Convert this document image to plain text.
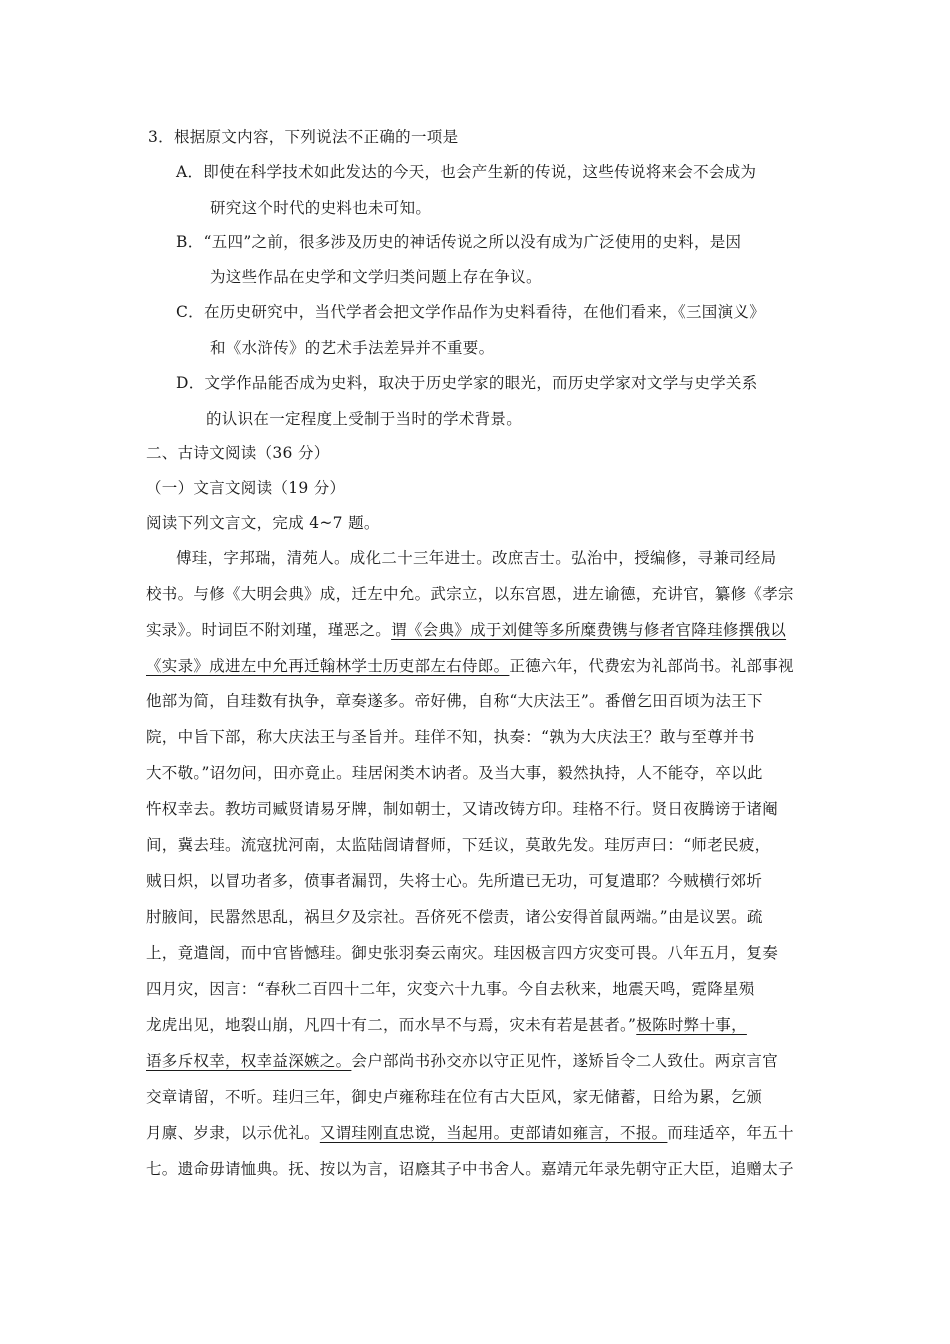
3．根据原文内容，下列说法不正确的一项是
A．即使在科学技术如此发达的今天，也会产生新的传说，这些传说将来会不会成为
研究这个时代的史料也未可知。
B．“五四”之前，很多涉及历史的神话传说之所以没有成为广泛使用的史料，是因
为这些作品在史学和文学归类问题上存在争议。
C．在历史研究中，当代学者会把文学作品作为史料看待，在他们看来，《三国演义》
和《水浒传》的艺术手法差异并不重要。
D．文学作品能否成为史料，取决于历史学家的眼光，而历史学家对文学与史学关系
的认识在一定程度上受制于当时的学术背景。
二、古诗文阅读（36 分）
（一）文言文阅读（19 分）
阅读下列文言文，完成 4~7 题。
傅珪，字邦瑞，清苑人。成化二十三年进士。改庶吉士。弘治中，授编修，寻兼司经局
校书。与修《大明会典》成，迁左中允。武宗立，以东宫恩，进左谕德，充讲官，纂修《孝宗
实录》。时词臣不附刘瑾，瑾恶之。谓《会典》成于刘健等多所糜费镌与修者官降珪修撰俄以
《实录》成进左中允再迁翰林学士历吏部左右侍郎。正德六年，代费宏为礼部尚书。礼部事视
他部为简，自珪数有执争，章奏遂多。帝好佛，自称“大庆法王”。番僧乞田百顷为法王下
院，中旨下部，称大庆法王与圣旨并。珪佯不知，执奏：“孰为大庆法王？敢与至尊并书
大不敬。”诏勿问，田亦竟止。珪居闲类木讷者。及当大事，毅然执持，人不能夺，卒以此
忤权幸去。教坊司臧贤请易牙牌，制如朝士，又请改铸方印。珪格不行。贤日夜腾谤于诸阉
间，冀去珪。流寇扰河南，太监陆訚请督师，下廷议，莫敢先发。珪厉声曰：“师老民疲，
贼日炽，以冒功者多，偾事者漏罚，失将士心。先所遣已无功，可复遣耶？今贼横行郊圻
肘腋间，民嚣然思乱，祸旦夕及宗社。吾侪死不偿责，诸公安得首鼠两端。”由是议罢。疏
上，竟遣訚，而中官皆憾珪。御史张羽奏云南灾。珪因极言四方灾变可畏。八年五月，复奏
四月灾，因言：“春秋二百四十二年，灾变六十九事。今自去秋来，地震天鸣，霓降星殒
龙虎出见，地裂山崩，凡四十有二，而水旱不与焉，灾未有若是甚者。”极陈时弊十事，
语多斥权幸，权幸益深嫉之。会户部尚书孙交亦以守正见忤，遂矫旨令二人致仕。两京言官
交章请留，不听。珪归三年，御史卢雍称珪在位有古大臣风，家无储蓄，日给为累，乞颁
月廪、岁隶，以示优礼。又谓珪刚直忠谠，当起用。吏部请如雍言，不报。而珪适卒，年五十
七。遗命毋请恤典。抚、按以为言，诏廕其子中书舍人。嘉靖元年录先朝守正大臣，追赠太子
